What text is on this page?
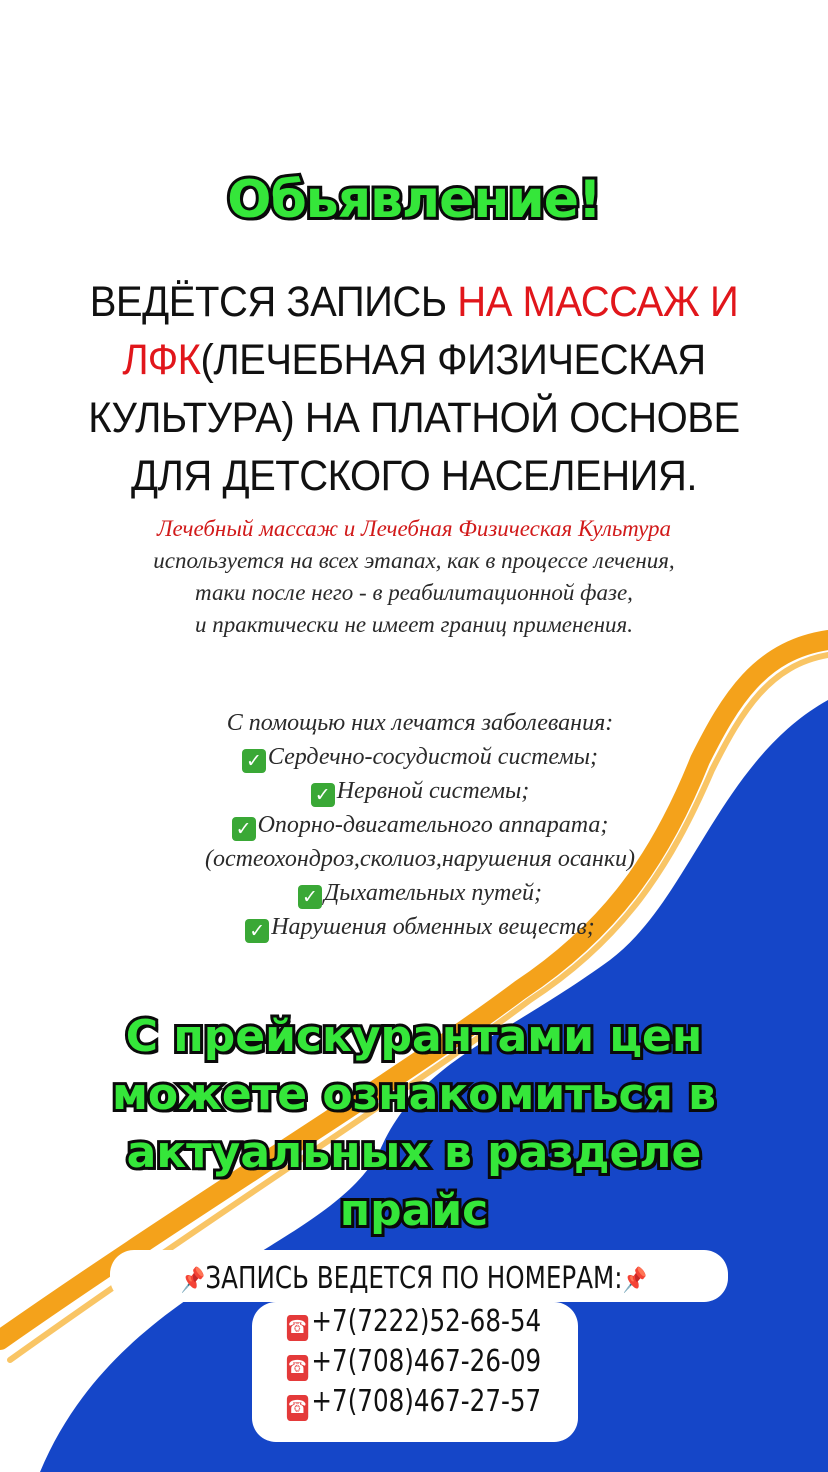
Обьявление!
ВЕДЁТСЯ ЗАПИСЬ НА МАССАЖ И
ЛФК(ЛЕЧЕБНАЯ ФИЗИЧЕСКАЯ
КУЛЬТУРА) НА ПЛАТНОЙ ОСНОВЕ
ДЛЯ ДЕТСКОГО НАСЕЛЕНИЯ.
Лечебный массаж и Лечебная Физическая Культура
используется на всех этапах, как в процессе лечения,
таки после него - в реабилитационной фазе,
и практически не имеет границ применения.
С помощью них лечатся заболевания:
✓ Сердечно-сосудистой системы;
✓ Нервной системы;
✓ Опорно-двигательного аппарата;
(остеохондроз,сколиоз,нарушения осанки)
✓ Дыхательных путей;
✓ Нарушения обменных веществ;
С прейскурантами цен
можете ознакомиться в
актуальных в разделе
прайс
📌ЗАПИСЬ ВЕДЕТСЯ ПО НОМЕРАМ:📌
☎ +7(7222)52-68-54
☎ +7(708)467-26-09
☎ +7(708)467-27-57
